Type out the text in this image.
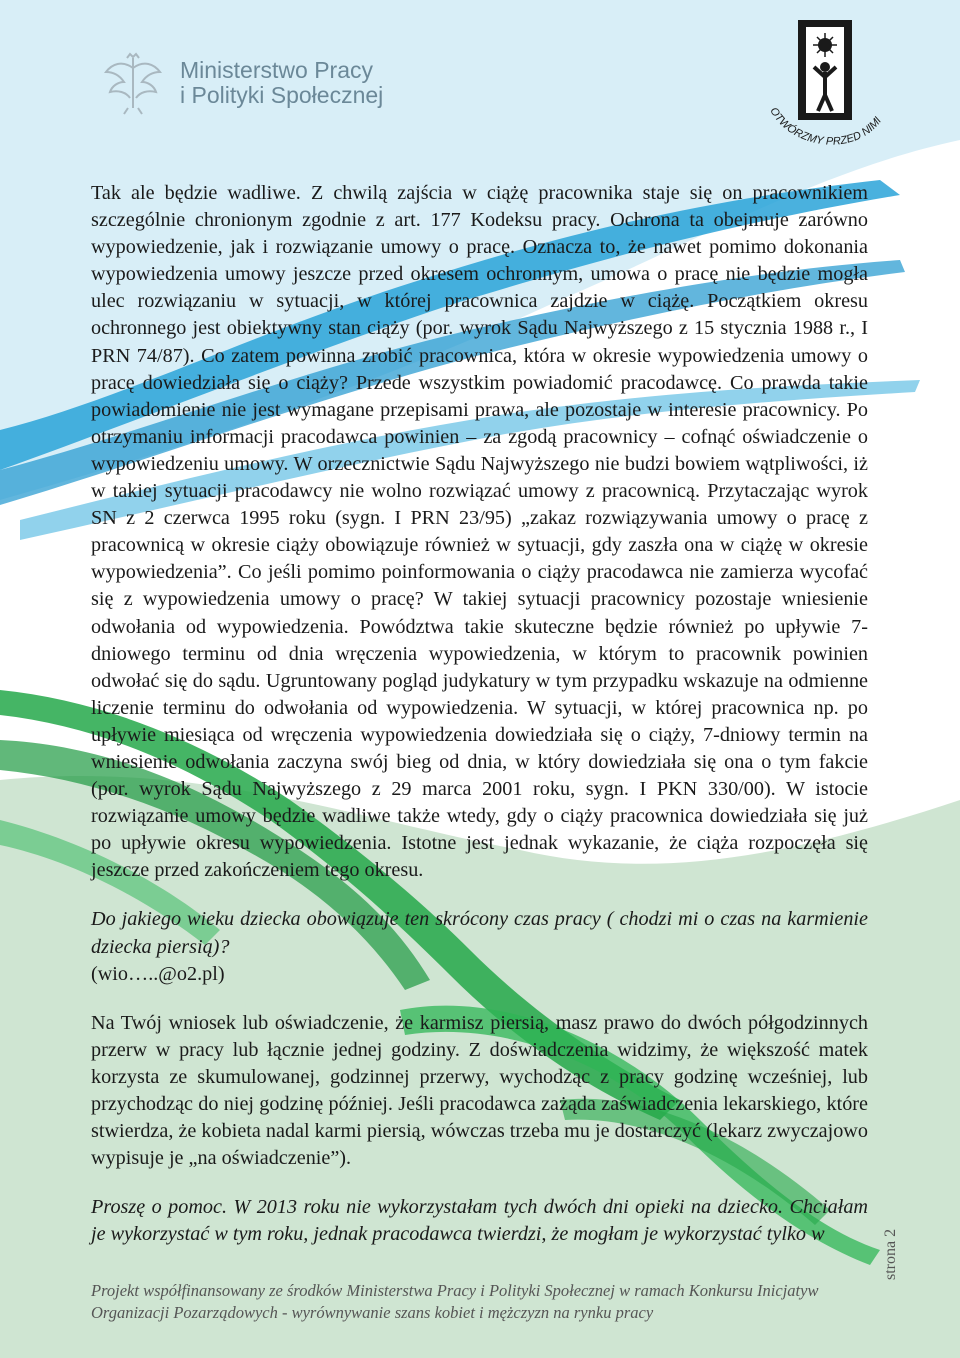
Ministerstwo Pracy
i Polityki Społecznej
OTWÓRZMY PRZED NIMI

Tak ale będzie wadliwe. Z chwilą zajścia w ciążę pracownika staje się on pracownikiem szczególnie chronionym zgodnie z art. 177 Kodeksu pracy. Ochrona ta obejmuje zarówno wypowiedzenie, jak i rozwiązanie umowy o pracę. Oznacza to, że nawet pomimo dokonania wypowiedzenia umowy jeszcze przed okresem ochronnym, umowa o pracę nie będzie mogła ulec rozwiązaniu w sytuacji, w której pracownica zajdzie w ciążę. Początkiem okresu ochronnego jest obiektywny stan ciąży (por. wyrok Sądu Najwyższego z 15 stycznia 1988 r., I PRN 74/87). Co zatem powinna zrobić pracownica, która w okresie wypowiedzenia umowy o pracę dowiedziała się o ciąży? Przede wszystkim powiadomić pracodawcę. Co prawda takie powiadomienie nie jest wymagane przepisami prawa, ale pozostaje w interesie pracownicy. Po otrzymaniu informacji pracodawca powinien – za zgodą pracownicy – cofnąć oświadczenie o wypowiedzeniu umowy. W orzecznictwie Sądu Najwyższego nie budzi bowiem wątpliwości, iż w takiej sytuacji pracodawcy nie wolno rozwiązać umowy z pracownicą. Przytaczając wyrok SN z 2 czerwca 1995 roku (sygn. I PRN 23/95) „zakaz rozwiązywania umowy o pracę z pracownicą w okresie ciąży obowiązuje również w sytuacji, gdy zaszła ona w ciążę w okresie wypowiedzenia”. Co jeśli pomimo poinformowania o ciąży pracodawca nie zamierza wycofać się z wypowiedzenia umowy o pracę? W takiej sytuacji pracownicy pozostaje wniesienie odwołania od wypowiedzenia. Powództwa takie skuteczne będzie również po upływie 7-dniowego terminu od dnia wręczenia wypowiedzenia, w którym to pracownik powinien odwołać się do sądu. Ugruntowany pogląd judykatury w tym przypadku wskazuje na odmienne liczenie terminu do odwołania od wypowiedzenia. W sytuacji, w której pracownica np. po upływie miesiąca od wręczenia wypowiedzenia dowiedziała się o ciąży, 7-dniowy termin na wniesienie odwołania zaczyna swój bieg od dnia, w który dowiedziała się ona o tym fakcie (por. wyrok Sądu Najwyższego z 29 marca 2001 roku, sygn. I PKN 330/00). W istocie rozwiązanie umowy będzie wadliwe także wtedy, gdy o ciąży pracownica dowiedziała się już po upływie okresu wypowiedzenia. Istotne jest jednak wykazanie, że ciąża rozpoczęła się jeszcze przed zakończeniem tego okresu.

Do jakiego wieku dziecka obowiązuje ten skrócony czas pracy ( chodzi mi o czas na karmienie dziecka piersią)?

(wio…..@o2.pl)

Na Twój wniosek lub oświadczenie, że karmisz piersią, masz prawo do dwóch półgodzinnych przerw w pracy lub łącznie jednej godziny. Z doświadczenia widzimy, że większość matek korzysta ze skumulowanej, godzinnej przerwy, wychodząc z pracy godzinę wcześniej, lub przychodząc do niej godzinę później. Jeśli pracodawca zażąda zaświadczenia lekarskiego, które stwierdza, że kobieta nadal karmi piersią, wówczas trzeba mu je dostarczyć (lekarz zwyczajowo wypisuje je „na oświadczenie”).

Proszę o pomoc. W 2013 roku nie wykorzystałam tych dwóch dni opieki na dziecko. Chciałam je wykorzystać w tym roku, jednak pracodawca twierdzi, że mogłam je wykorzystać tylko w

Projekt współfinansowany ze środków Ministerstwa Pracy i Polityki Społecznej w ramach Konkursu Inicjatyw

Organizacji Pozarządowych - wyrównywanie szans kobiet i mężczyzn na rynku pracy

strona 2
